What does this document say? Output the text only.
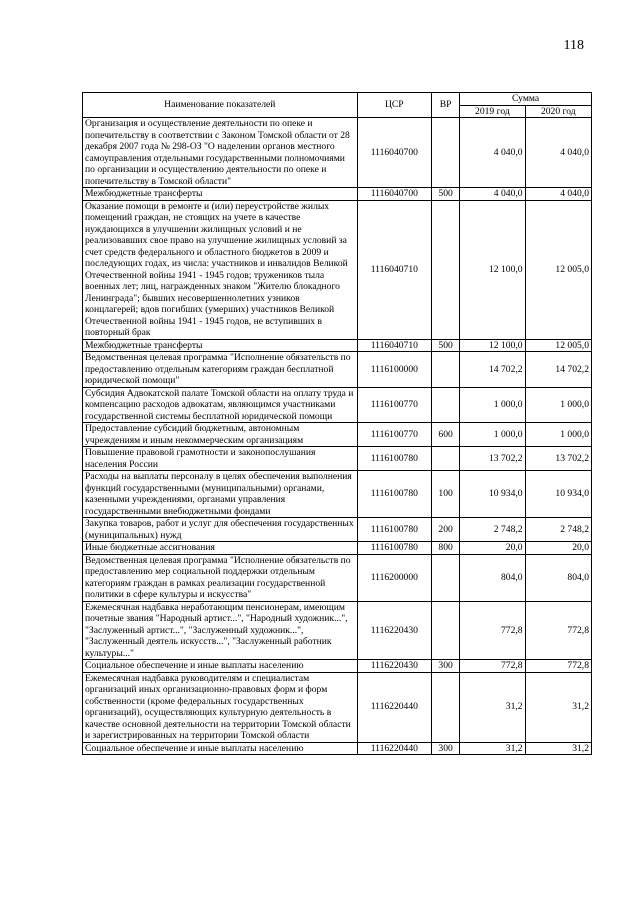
118
Наименование показателей	ЦСР	ВР	Сумма	
			2019 год	2020 год
Организация и осуществление деятельности по опеке и попечительству в соответствии с Законом Томской области от 28 декабря 2007 года № 298-ОЗ "О наделении органов местного самоуправления отдельными государственными полномочиями по организации и осуществлению деятельности по опеке и попечительству в Томской области"	1116040700		4 040,0	4 040,0
Межбюджетные трансферты	1116040700	500	4 040,0	4 040,0
Оказание помощи в ремонте и (или) переустройстве жилых помещений граждан, не стоящих на учете в качестве нуждающихся в улучшении жилищных условий и не реализовавших свое право на улучшение жилищных условий за счет средств федерального и областного бюджетов в 2009 и последующих годах, из числа: участников и инвалидов Великой Отечественной войны 1941 - 1945 годов; тружеников тыла военных лет; лиц, награжденных знаком "Жителю блокадного Ленинграда"; бывших несовершеннолетних узников концлагерей; вдов погибших (умерших) участников Великой Отечественной войны 1941 - 1945 годов, не вступивших в повторный брак	1116040710		12 100,0	12 005,0
Межбюджетные трансферты	1116040710	500	12 100,0	12 005,0
Ведомственная целевая программа "Исполнение обязательств по предоставлению отдельным категориям граждан бесплатной юридической помощи"	1116100000		14 702,2	14 702,2
Субсидия Адвокатской палате Томской области на оплату труда и компенсацию расходов адвокатам, являющимся участниками государственной системы бесплатной юридической помощи	1116100770		1 000,0	1 000,0
Предоставление субсидий бюджетным, автономным учреждениям и иным некоммерческим организациям	1116100770	600	1 000,0	1 000,0
Повышение правовой грамотности и законопослушания населения России	1116100780		13 702,2	13 702,2
Расходы на выплаты персоналу в целях обеспечения выполнения функций государственными (муниципальными) органами, казенными учреждениями, органами управления государственными внебюджетными фондами	1116100780	100	10 934,0	10 934,0
Закупка товаров, работ и услуг для обеспечения государственных (муниципальных) нужд	1116100780	200	2 748,2	2 748,2
Иные бюджетные ассигнования	1116100780	800	20,0	20,0
Ведомственная целевая программа "Исполнение обязательств по предоставлению мер социальной поддержки отдельным категориям граждан в рамках реализации государственной политики в сфере культуры и искусства"	1116200000		804,0	804,0
Ежемесячная надбавка неработающим пенсионерам, имеющим почетные звания "Народный артист...", "Народный художник...", "Заслуженный артист...", "Заслуженный художник...", "Заслуженный деятель искусств...", "Заслуженный работник культуры..."	1116220430		772,8	772,8
Социальное обеспечение и иные выплаты населению	1116220430	300	772,8	772,8
Ежемесячная надбавка руководителям и специалистам организаций иных организационно-правовых форм и форм собственности (кроме федеральных государственных организаций), осуществляющих культурную деятельность в качестве основной деятельности на территории Томской области и зарегистрированных на территории Томской области	1116220440		31,2	31,2
Социальное обеспечение и иные выплаты населению	1116220440	300	31,2	31,2
